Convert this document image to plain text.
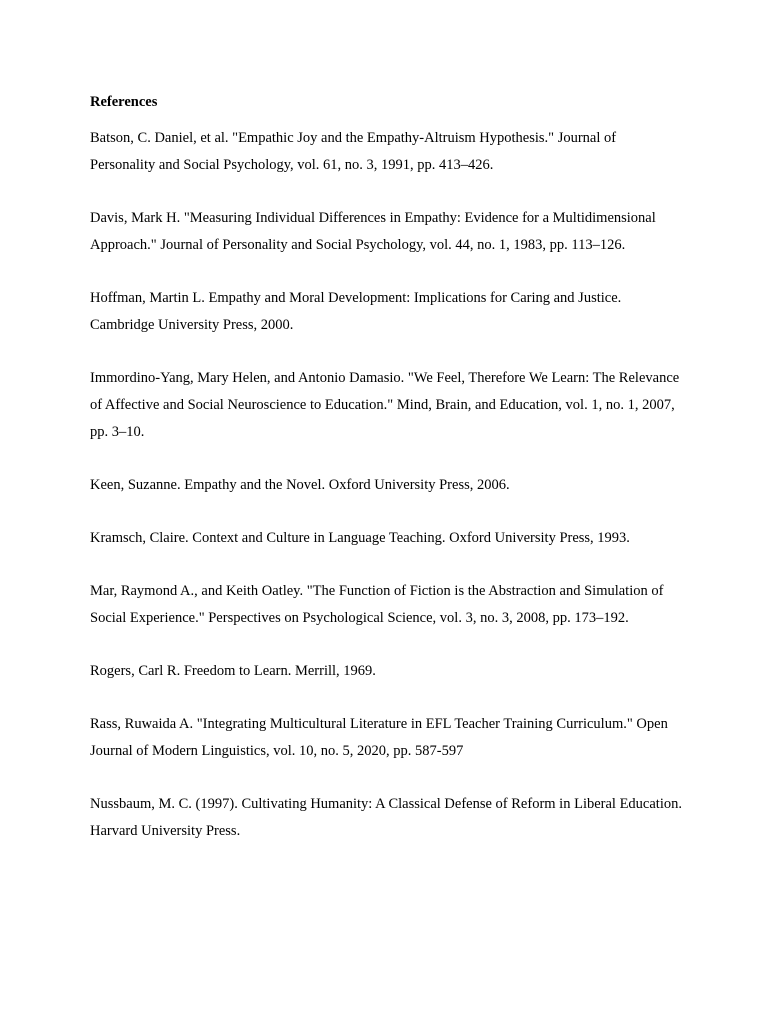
References
Batson, C. Daniel, et al. "Empathic Joy and the Empathy-Altruism Hypothesis." Journal of Personality and Social Psychology, vol. 61, no. 3, 1991, pp. 413–426.
Davis, Mark H. "Measuring Individual Differences in Empathy: Evidence for a Multidimensional Approach." Journal of Personality and Social Psychology, vol. 44, no. 1, 1983, pp. 113–126.
Hoffman, Martin L. Empathy and Moral Development: Implications for Caring and Justice. Cambridge University Press, 2000.
Immordino-Yang, Mary Helen, and Antonio Damasio. "We Feel, Therefore We Learn: The Relevance of Affective and Social Neuroscience to Education." Mind, Brain, and Education, vol. 1, no. 1, 2007, pp. 3–10.
Keen, Suzanne. Empathy and the Novel. Oxford University Press, 2006.
Kramsch, Claire. Context and Culture in Language Teaching. Oxford University Press, 1993.
Mar, Raymond A., and Keith Oatley. "The Function of Fiction is the Abstraction and Simulation of Social Experience." Perspectives on Psychological Science, vol. 3, no. 3, 2008, pp. 173–192.
Rogers, Carl R. Freedom to Learn. Merrill, 1969.
Rass, Ruwaida A. "Integrating Multicultural Literature in EFL Teacher Training Curriculum." Open Journal of Modern Linguistics, vol. 10, no. 5, 2020, pp. 587-597
Nussbaum, M. C. (1997). Cultivating Humanity: A Classical Defense of Reform in Liberal Education. Harvard University Press.
